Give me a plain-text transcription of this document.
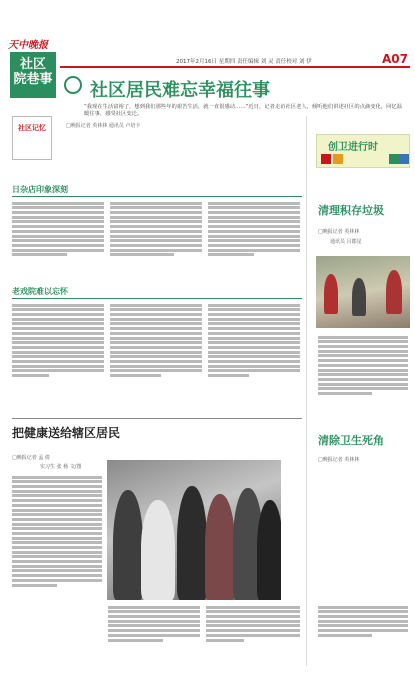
天中晚报
社区
院巷事
2017年2月16日 星期四 责任编辑 刘 灵 责任校对 刘 伊	A07
社区居民难忘幸福往事
“我现在生活富裕了，想到我们那些年的艰苦生活，就一直很感动……”近日，记者走访社区老人，倾听他们讲述社区的点滴变化，回忆温暖往事，感受社区变迁。
社区记忆	□晚报记者 英林林 通讯员 卢培卡
日杂店印象深刻
老戏院难以忘怀
把健康送给辖区居民
□晚报记者 孟 倩
实习生 张 杨 文/图
创卫进行时
清理积存垃圾
□晚报记者 英林林
通讯员 吕郡星
清除卫生死角
□晚报记者 英林林
